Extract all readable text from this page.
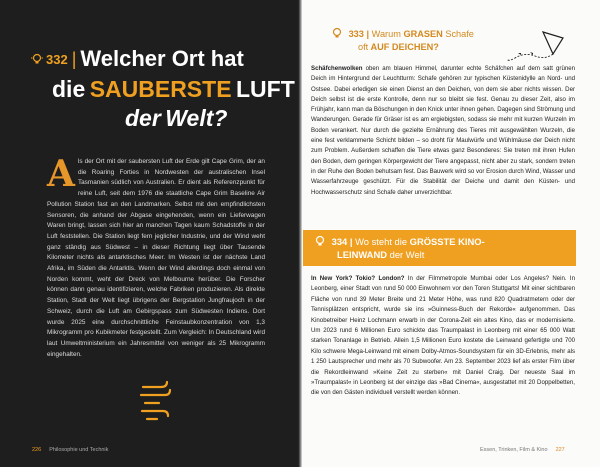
332 | Welcher Ort hat
die
SAUBERSTE
LUFT
der
Welt?
Als der Ort mit der saubersten Luft der Erde gilt Cape Grim, der an die Roaring Forties in Nordwesten der australischen Insel Tasmanien südlich von Australien. Er dient als Referenzpunkt für reine Luft, seit dem 1976 die staatliche Cape Grim Baseline Air Pollution Station fast an den Landmarken. Selbst mit den empfindlichsten Sensoren, die anhand der Abgase eingehenden, wenn ein Lieferwagen Waren bringt, lassen sich hier an manchen Tagen kaum Schadstoffe in der Luft feststellen. Die Station liegt fern jeglicher Industrie, und der Wind weht ganz ständig aus Südwest – in dieser Richtung liegt über Tausende Kilometer nichts als antarktisches Meer. Im Westen ist der nächste Land Afrika, im Süden die Antarktis. Wenn der Wind allerdings doch einmal von Norden kommt, weht der Dreck von Melbourne herüber. Die Forscher können dann genau identifizieren, welche Fabriken produzieren. Als direkte Station, Stadt der Welt liegt übrigens der Bergstation Jungfraujoch in der Schweiz, durch die Luft am Gebirgspass zum Südwesten Indiens. Dort wurde 2025 eine durchschnittliche Feinstaubkonzentration von 1,3 Mikrogramm pro Kubikmeter festgestellt. Zum Vergleich: In Deutschland wird laut Umweltministerium ein Jahresmittel von weniger als 25 Mikrogramm eingehalten.
226 Philosophie und Technik
333 | Warum GRASEN Schafe
oft AUF DEICHEN?
Schäfchenwolken oben am blauen Himmel, darunter echte Schäfchen auf dem satt grünen Deich im Hintergrund der Leuchtturm: Schafe gehören zur typischen Küstenidylle an Nord- und Ostsee. Dabei erledigen sie einen Dienst an den Deichen, von dem sie aber nichts wissen. Der Deich selbst ist die erste Kontrolle, denn nur so bleibt sie fest. Genau zu dieser Zeit, also im Frühjahr, kann man da Böschungen in den Knick unter ihnen gehen. Dagegen sind Strömung und Wanderungen. Gerade für Gräser ist es am ergiebigsten, sodass sie mehr mit kurzen Wurzeln im Boden verankert. Nur durch die gezielte Ernährung des Tieres mit ausgewählten Wurzeln, die eine fest verklammerte Schicht bilden – so droht für Maulwürfe und Wühlmäuse der Deich nicht zum Problem. Außerdem schaffen die Tiere etwas ganz Besonderes: Sie treten mit ihren Hufen den Boden, dem geringen Körpergewicht der Tiere angepasst, nicht aber zu stark, sondern treten in der Ruhe den Boden behutsam fest. Das Bauwerk wird so vor Erosion durch Wind, Wasser und Wasserfahrzeuge geschützt. Für die Stabilität der Deiche und damit den Küsten- und Hochwasserschutz sind Schafe daher unverzichtbar.
334 | Wo steht die GRÖSSTE KINO-
LEINWAND der Welt
In New York? Tokio? London? In der Filmmetropole Mumbai oder Los Angeles? Nein. In Leonberg, einer Stadt von rund 50 000 Einwohnern vor den Toren Stuttgarts! Mit einer sichtbaren Fläche von rund 39 Meter Breite und 21 Meter Höhe, was rund 820 Quadratmetern oder der Tennisplätzen entspricht, wurde sie ins »Guinness-Buch der Rekorde« aufgenommen. Das Kinobetreiber Heinz Lochmann erwarb in der Corona-Zeit ein altes Kino, das er modernisierte. Um 2023 rund 6 Millionen Euro schickte das Traumpalast in Leonberg mit einer 65 000 Watt starken Tonanlage in Betrieb. Allein 1,5 Millionen Euro kostete die Leinwand gefertigte und 700 Kilo schwere Mega-Leinwand mit einem Dolby-Atmos-Soundsystem für ein 3D-Erlebnis, mehr als 1 250 Lautsprecher und mehr als 70 Subwoofer. Am 23. September 2023 lief als erster Film über die Rekordleinwand »Keine Zeit zu sterben« mit Daniel Craig. Der neueste Saal im »Traumpalast« in Leonberg ist der einzige das »Bad Cinema«, ausgestattet mit 20 Doppelbetten, die von den Gästen individuell verstellt werden können.
Essen, Trinken, Film & Kino 227
